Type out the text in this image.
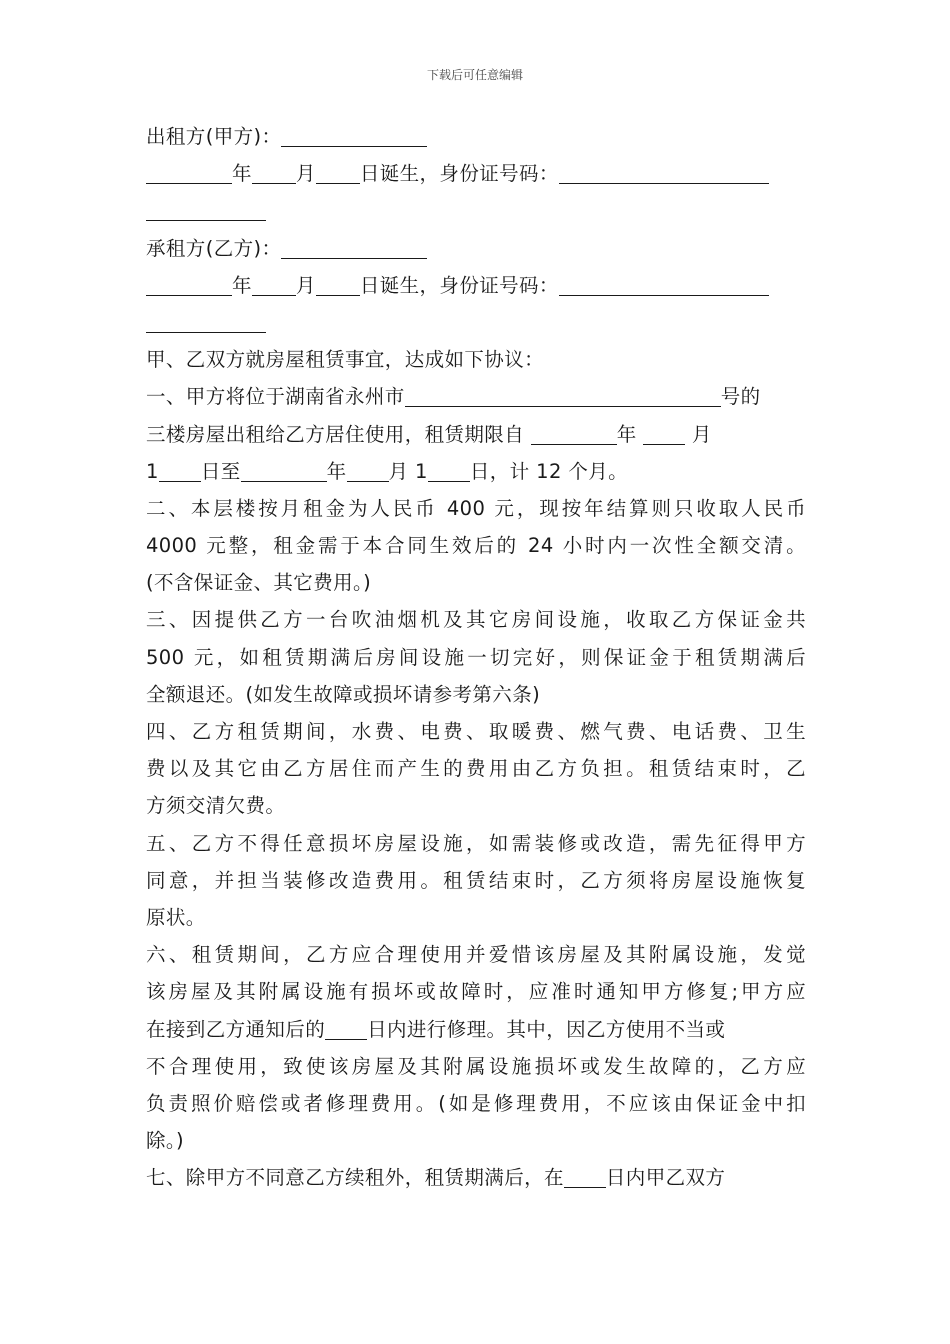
下载后可任意编辑
出租方(甲方)：
年 月 日诞生，身份证号码：
承租方(乙方)：
年 月 日诞生，身份证号码：
甲、乙双方就房屋租赁事宜，达成如下协议：
一、甲方将位于湖南省永州市	号的
三楼房屋出租给乙方居住使用，租赁期限自	年	月
1 日至	年 月 1 日，计 12 个月。
二、本层楼按月租金为人民币 400 元，现按年结算则只收取人民币
4000 元整，租金需于本合同生效后的 24 小时内一次性全额交清。
(不含保证金、其它费用。)
三、因提供乙方一台吹油烟机及其它房间设施，收取乙方保证金共
500 元，如租赁期满后房间设施一切完好，则保证金于租赁期满后
全额退还。(如发生故障或损坏请参考第六条)
四、乙方租赁期间，水费、电费、取暖费、燃气费、电话费、卫生
费以及其它由乙方居住而产生的费用由乙方负担。租赁结束时，乙
方须交清欠费。
五、乙方不得任意损坏房屋设施，如需装修或改造，需先征得甲方
同意，并担当装修改造费用。租赁结束时，乙方须将房屋设施恢复
原状。
六、租赁期间，乙方应合理使用并爱惜该房屋及其附属设施，发觉
该房屋及其附属设施有损坏或故障时，应准时通知甲方修复;甲方应
在接到乙方通知后的 日内进行修理。其中，因乙方使用不当或
不合理使用，致使该房屋及其附属设施损坏或发生故障的，乙方应
负责照价赔偿或者修理费用。(如是修理费用，不应该由保证金中扣
除。)
七、除甲方不同意乙方续租外，租赁期满后，在 日内甲乙双方
